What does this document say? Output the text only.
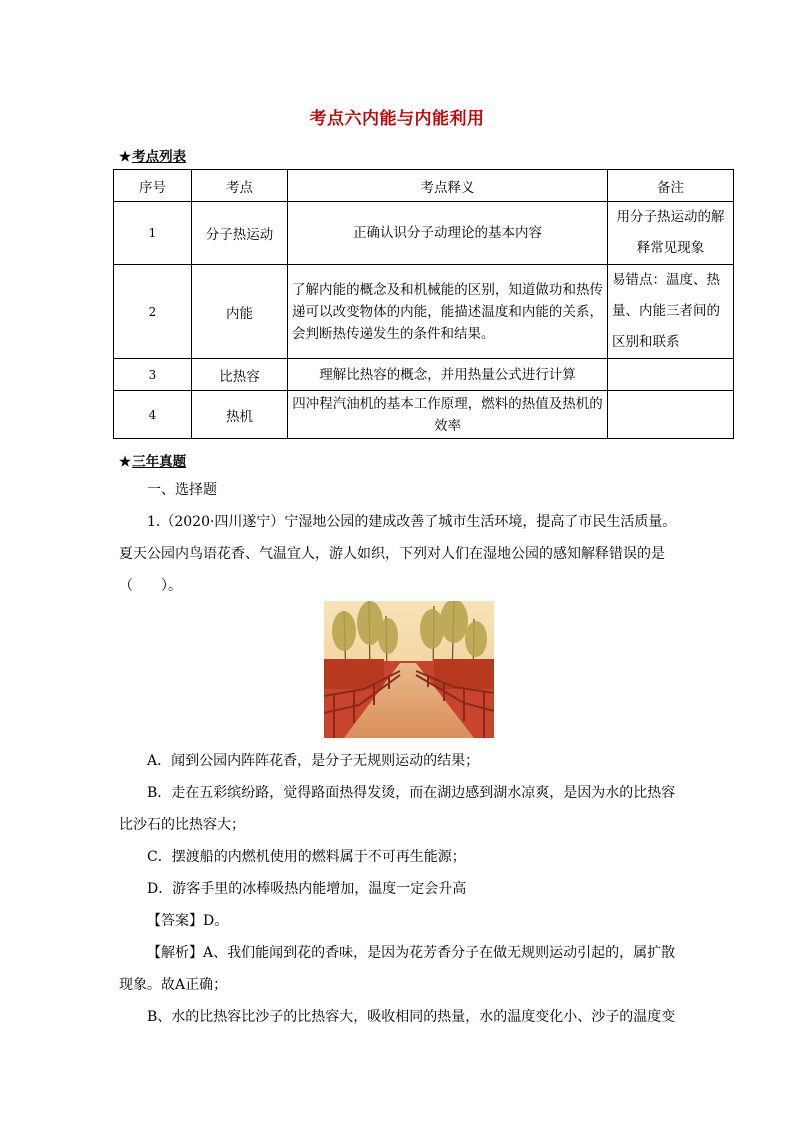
考点六内能与内能利用
★考点列表
序号	考点	考点释义	备注
1	分子热运动	正确认识分子动理论的基本内容	用分子热运动的解释常见现象
2	内能	了解内能的概念及和机械能的区别，知道做功和热传递可以改变物体的内能，能描述温度和内能的关系，会判断热传递发生的条件和结果。	易错点：温度、热量、内能三者间的区别和联系
3	比热容	理解比热容的概念，并用热量公式进行计算	
4	热机	四冲程汽油机的基本工作原理，燃料的热值及热机的效率	
★三年真题

一、选择题

1.（2020·四川遂宁）宁湿地公园的建成改善了城市生活环境，提高了市民生活质量。夏天公园内鸟语花香、气温宜人，游人如织，下列对人们在湿地公园的感知解释错误的是（　　）。

A．闻到公园内阵阵花香，是分子无规则运动的结果；

B．走在五彩缤纷路，觉得路面热得发烫，而在湖边感到湖水凉爽，是因为水的比热容比沙石的比热容大；

C．摆渡船的内燃机使用的燃料属于不可再生能源；

D．游客手里的冰棒吸热内能增加，温度一定会升高

【答案】D。

【解析】A、我们能闻到花的香味，是因为花芳香分子在做无规则运动引起的，属扩散现象。故A正确；

B、水的比热容比沙子的比热容大，吸收相同的热量，水的温度变化小、沙子的温度变
